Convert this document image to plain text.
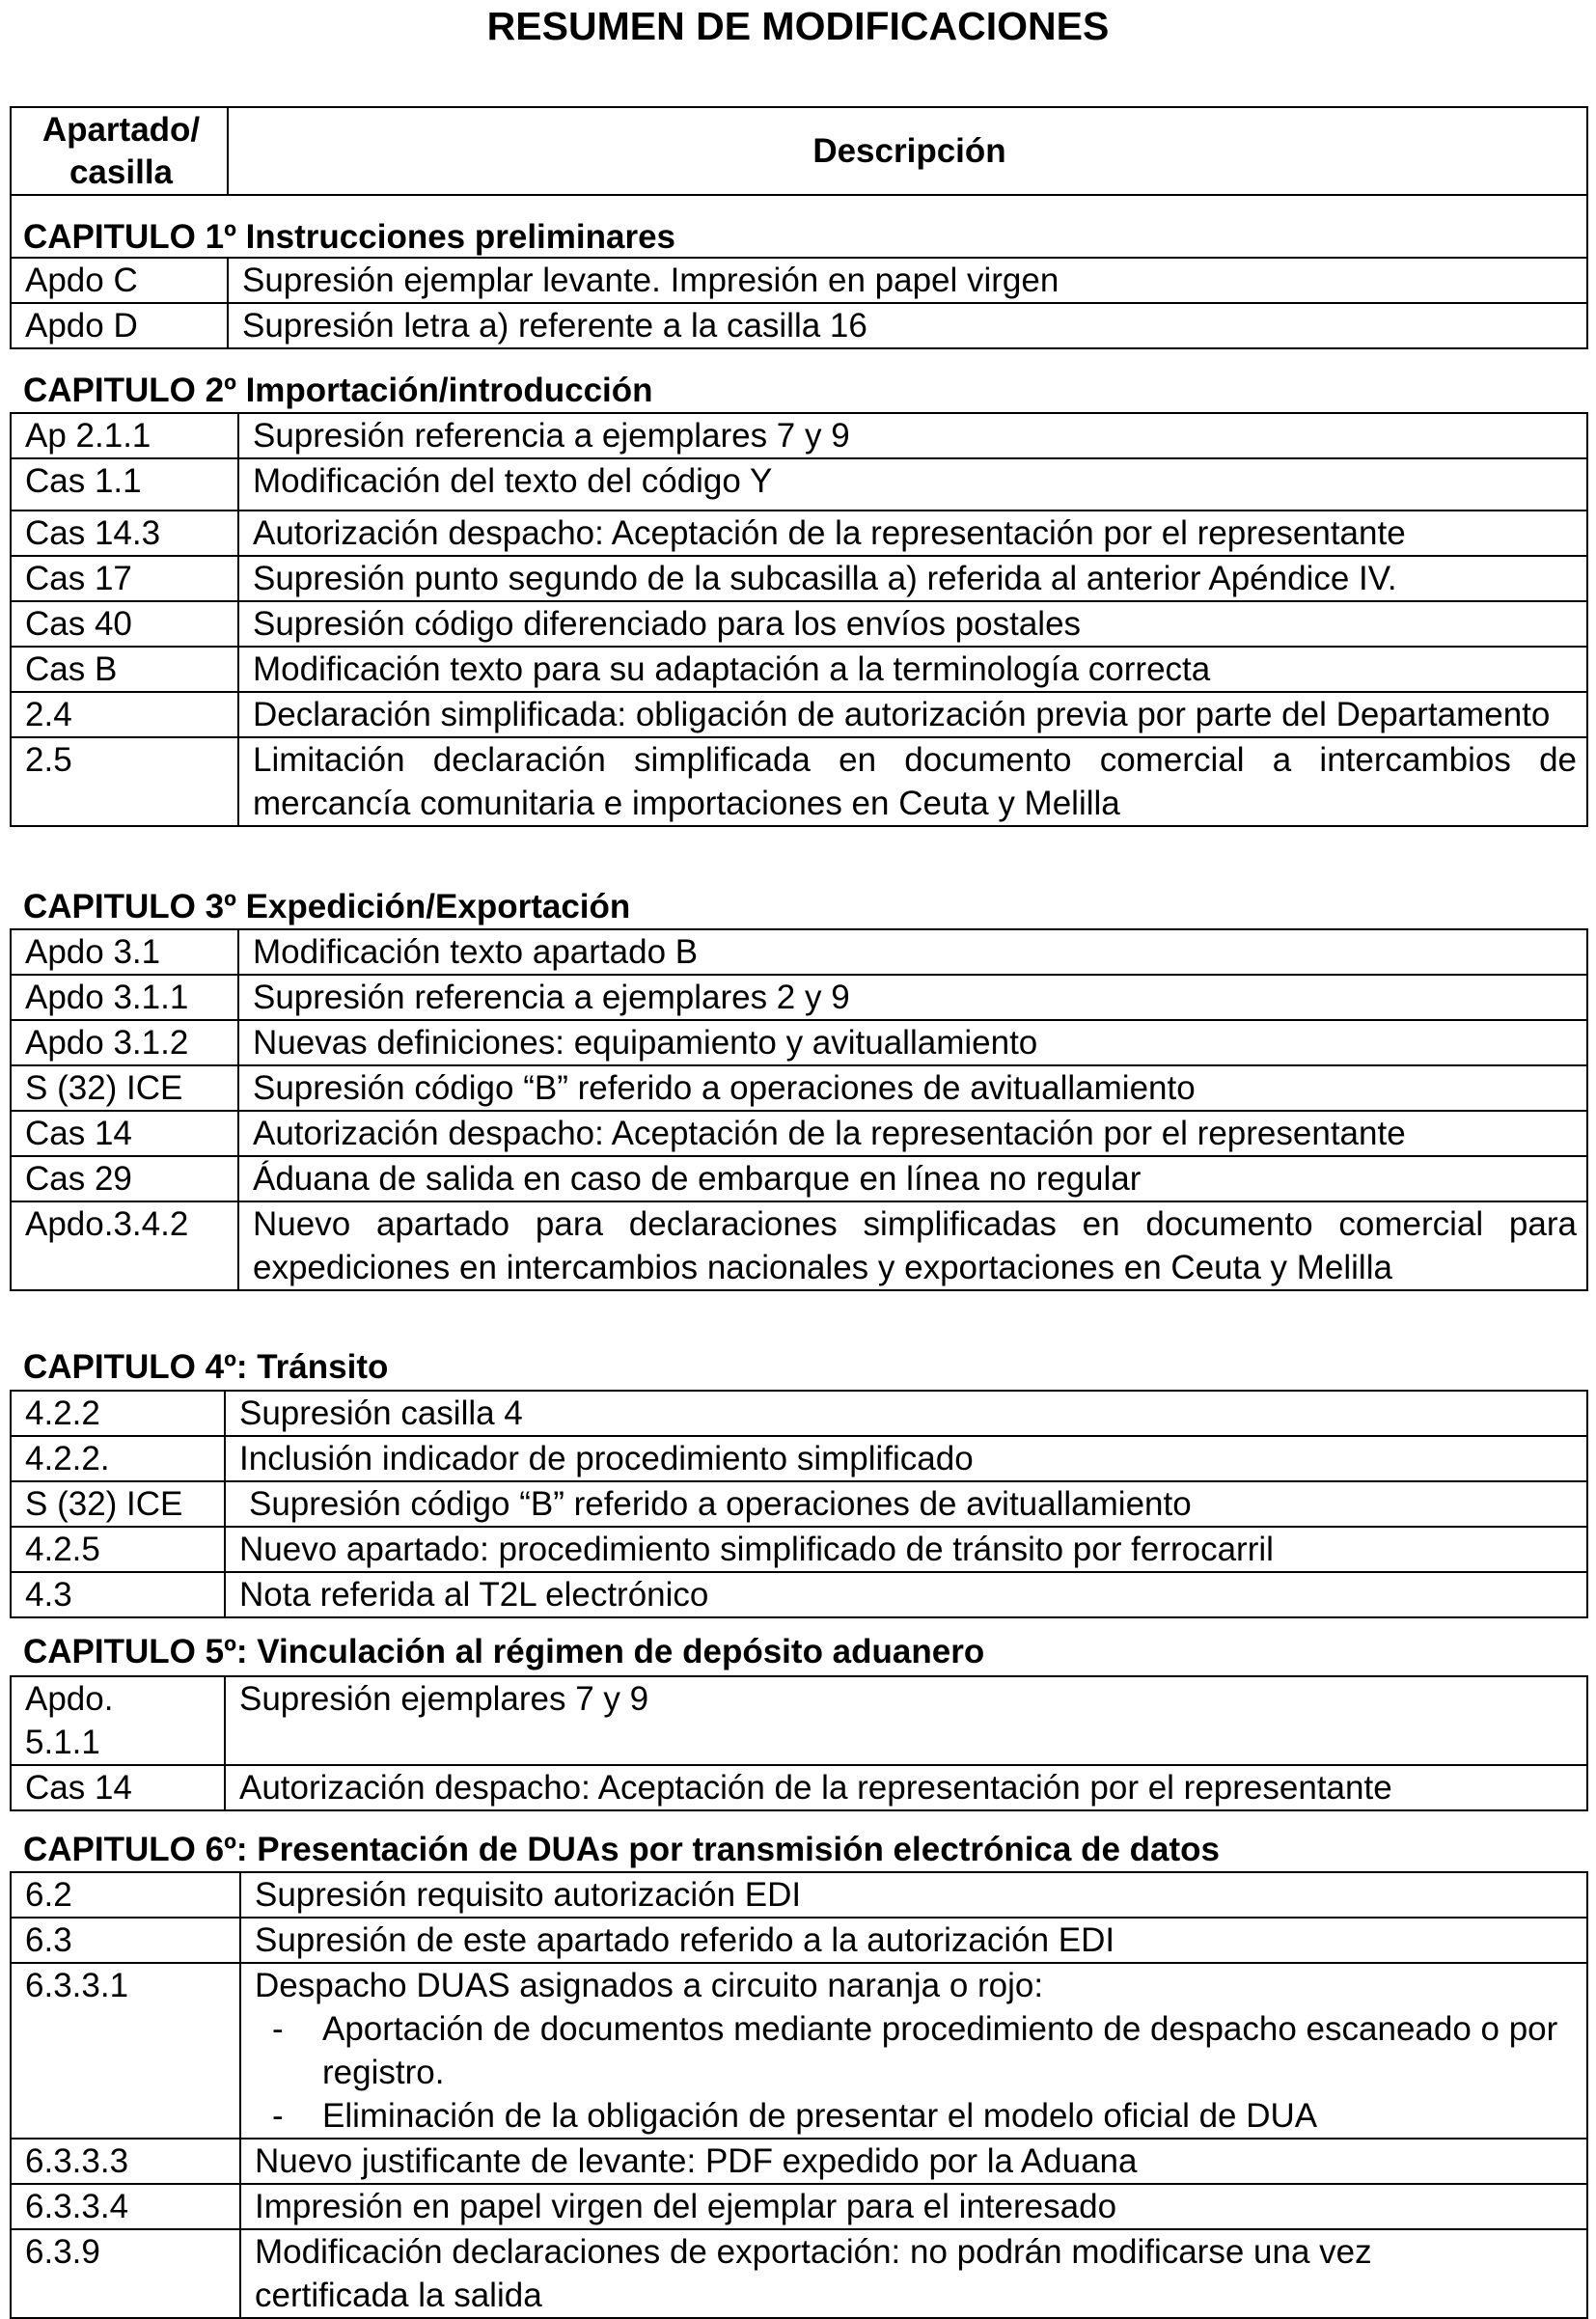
RESUMEN DE MODIFICACIONES
Apartado/ casilla	Descripción
CAPITULO 1º Instrucciones preliminares
Apdo C	Supresión ejemplar levante. Impresión en papel virgen
Apdo D	Supresión letra a) referente a la casilla 16
CAPITULO 2º Importación/introducción
Ap 2.1.1	Supresión referencia a ejemplares 7 y 9
Cas 1.1	Modificación del texto del código Y
Cas 14.3	Autorización despacho: Aceptación de la representación por el representante
Cas 17	Supresión punto segundo de la subcasilla a) referida al anterior Apéndice IV.
Cas 40	Supresión código diferenciado para los envíos postales
Cas B	Modificación texto para su adaptación a la terminología correcta
2.4	Declaración simplificada: obligación de autorización previa por parte del Departamento
2.5	Limitación declaración simplificada en documento comercial a intercambios de mercancía comunitaria e importaciones en Ceuta y Melilla
CAPITULO 3º Expedición/Exportación
Apdo 3.1	Modificación texto apartado B
Apdo 3.1.1	Supresión referencia a ejemplares 2 y 9
Apdo 3.1.2	Nuevas definiciones: equipamiento y avituallamiento
S (32) ICE	Supresión código “B” referido a operaciones de avituallamiento
Cas 14	Autorización despacho: Aceptación de la representación por el representante
Cas 29	Áduana de salida en caso de embarque en línea no regular
Apdo.3.4.2	Nuevo apartado para declaraciones simplificadas en documento comercial para expediciones en intercambios nacionales y exportaciones en Ceuta y Melilla
CAPITULO 4º: Tránsito
4.2.2	Supresión casilla 4
4.2.2.	Inclusión indicador de procedimiento simplificado
S (32) ICE	Supresión código “B” referido a operaciones de avituallamiento
4.2.5	Nuevo apartado: procedimiento simplificado de tránsito por ferrocarril
4.3	Nota referida al T2L electrónico
CAPITULO 5º: Vinculación al régimen de depósito aduanero
Apdo. 5.1.1	Supresión ejemplares 7 y 9
Cas 14	Autorización despacho: Aceptación de la representación por el representante
CAPITULO 6º: Presentación de DUAs por transmisión electrónica de datos
6.2	Supresión requisito autorización EDI
6.3	Supresión de este apartado referido a la autorización EDI
6.3.3.1	Despacho DUAS asignados a circuito naranja o rojo:
- Aportación de documentos mediante procedimiento de despacho escaneado o por registro.
- Eliminación de la obligación de presentar el modelo oficial de DUA

6.3.3.3	Nuevo justificante de levante: PDF expedido por la Aduana
6.3.3.4	Impresión en papel virgen del ejemplar para el interesado
6.3.9	Modificación declaraciones de exportación: no podrán modificarse una vez certificada la salida
